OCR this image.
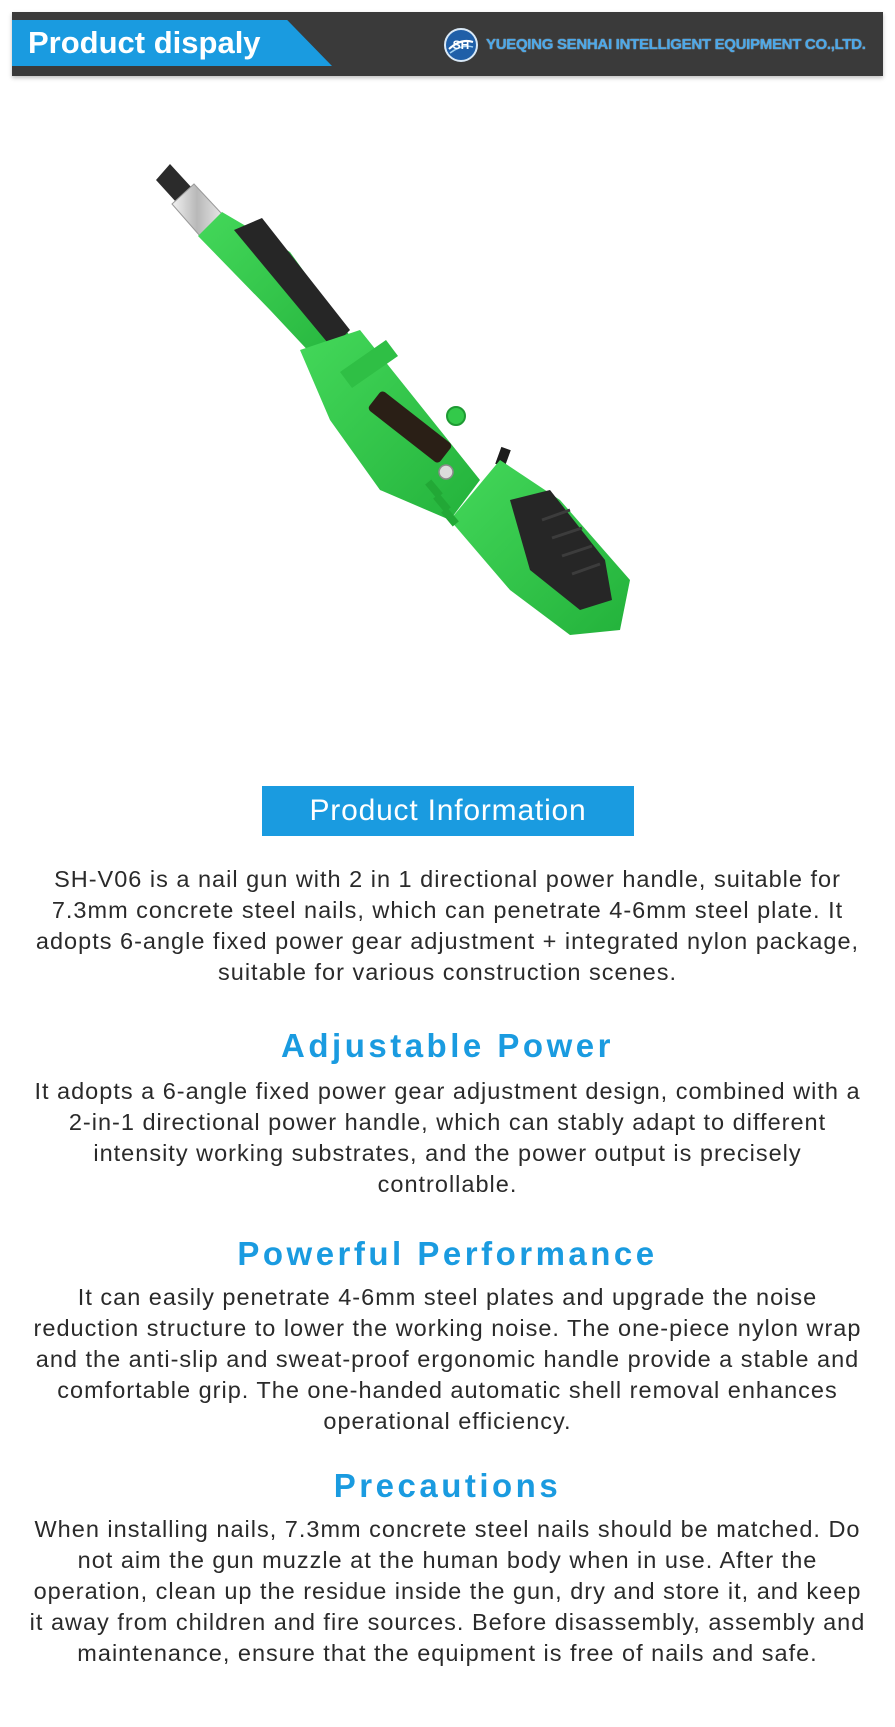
Product dispaly	SH YUEQING SENHAI INTELLIGENT EQUIPMENT CO.,LTD.
Product Information

SH-V06 is a nail gun with 2 in 1 directional power handle, suitable for 7.3mm concrete steel nails, which can penetrate 4-6mm steel plate. It adopts 6-angle fixed power gear adjustment + integrated nylon package, suitable for various construction scenes.

Adjustable Power

It adopts a 6-angle fixed power gear adjustment design, combined with a 2-in-1 directional power handle, which can stably adapt to different intensity working substrates, and the power output is precisely controllable.

Powerful Performance

It can easily penetrate 4-6mm steel plates and upgrade the noise reduction structure to lower the working noise. The one-piece nylon wrap and the anti-slip and sweat-proof ergonomic handle provide a stable and comfortable grip. The one-handed automatic shell removal enhances operational efficiency.

Precautions

When installing nails, 7.3mm concrete steel nails should be matched. Do not aim the gun muzzle at the human body when in use. After the operation, clean up the residue inside the gun, dry and store it, and keep it away from children and fire sources. Before disassembly, assembly and maintenance, ensure that the equipment is free of nails and safe.
